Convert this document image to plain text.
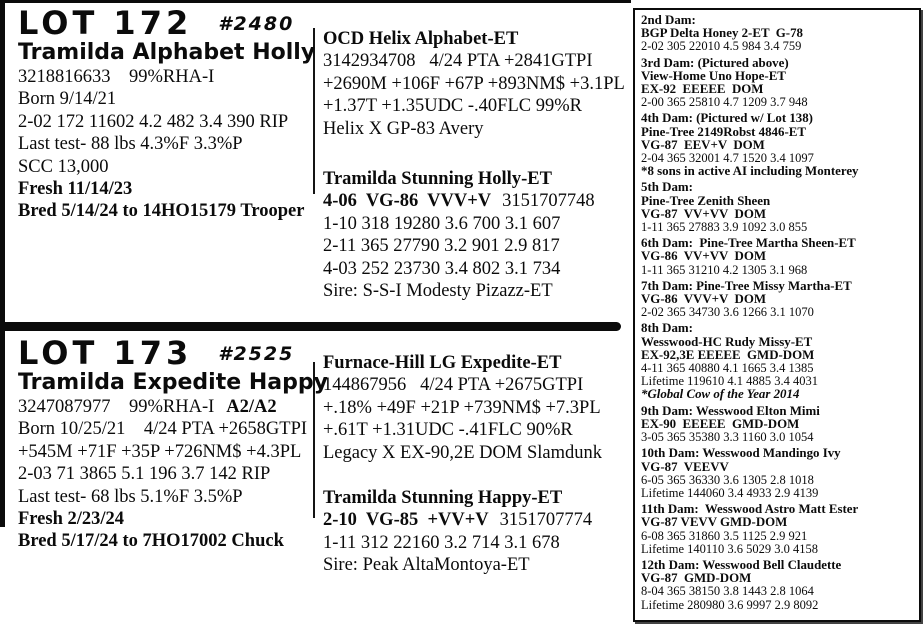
LOT 172 #2480
Tramilda Alphabet Holly
3218816633    99%RHA-I
Born 9/14/21
2-02 172 11602 4.2 482 3.4 390 RIP
Last test- 88 lbs 4.3%F 3.3%P
SCC 13,000
Fresh 11/14/23
Bred 5/14/24 to 14HO15179 Trooper
OCD Helix Alphabet-ET
3142934708   4/24 PTA +2841GTPI
+2690M +106F +67P +893NM$ +3.1PL
+1.37T +1.35UDC -.40FLC 99%R
Helix X GP-83 Avery
Tramilda Stunning Holly-ET
4-06  VG-86  VVV+V 3151707748
1-10 318 19280 3.6 700 3.1 607
2-11 365 27790 3.2 901 2.9 817
4-03 252 23730 3.4 802 3.1 734
Sire: S-S-I Modesty Pizazz-ET
LOT 173 #2525
Tramilda Expedite Happy
3247087977    99%RHA-I A2/A2
Born 10/25/21    4/24 PTA +2658GTPI
+545M +71F +35P +726NM$ +4.3PL
2-03 71 3865 5.1 196 3.7 142 RIP
Last test- 68 lbs 5.1%F 3.5%P
Fresh 2/23/24
Bred 5/17/24 to 7HO17002 Chuck
Furnace-Hill LG Expedite-ET
144867956   4/24 PTA +2675GTPI
+.18% +49F +21P +739NM$ +7.3PL
+.61T +1.31UDC -.41FLC 90%R
Legacy X EX-90,2E DOM Slamdunk
Tramilda Stunning Happy-ET
2-10  VG-85  +VV+V 3151707774
1-11 312 22160 3.2 714 3.1 678
Sire: Peak AltaMontoya-ET
2nd Dam:
BGP Delta Honey 2-ET  G-78
2-02 305 22010 4.5 984 3.4 759
3rd Dam: (Pictured above)
View-Home Uno Hope-ET
EX-92  EEEEE  DOM
2-00 365 25810 4.7 1209 3.7 948
4th Dam: (Pictured w/ Lot 138)
Pine-Tree 2149Robst 4846-ET
VG-87  EEV+V  DOM
2-04 365 32001 4.7 1520 3.4 1097
*8 sons in active AI including Monterey
5th Dam:
Pine-Tree Zenith Sheen
VG-87  VV+VV  DOM
1-11 365 27883 3.9 1092 3.0 855
6th Dam:  Pine-Tree Martha Sheen-ET
VG-86  VV+VV  DOM
1-11 365 31210 4.2 1305 3.1 968
7th Dam: Pine-Tree Missy Martha-ET
VG-86  VVV+V  DOM
2-02 365 34730 3.6 1266 3.1 1070
8th Dam:
Wesswood-HC Rudy Missy-ET
EX-92,3E EEEEE  GMD-DOM
4-11 365 40880 4.1 1665 3.4 1385
Lifetime 119610 4.1 4885 3.4 4031
*Global Cow of the Year 2014
9th Dam: Wesswood Elton Mimi
EX-90  EEEEE  GMD-DOM
3-05 365 35380 3.3 1160 3.0 1054
10th Dam: Wesswood Mandingo Ivy
VG-87  VEEVV
6-05 365 36330 3.6 1305 2.8 1018
Lifetime 144060 3.4 4933 2.9 4139
11th Dam:  Wesswood Astro Matt Ester
VG-87 VEVV GMD-DOM
6-08 365 31860 3.5 1125 2.9 921
Lifetime 140110 3.6 5029 3.0 4158
12th Dam: Wesswood Bell Claudette
VG-87  GMD-DOM
8-04 365 38150 3.8 1443 2.8 1064
Lifetime 280980 3.6 9997 2.9 8092
